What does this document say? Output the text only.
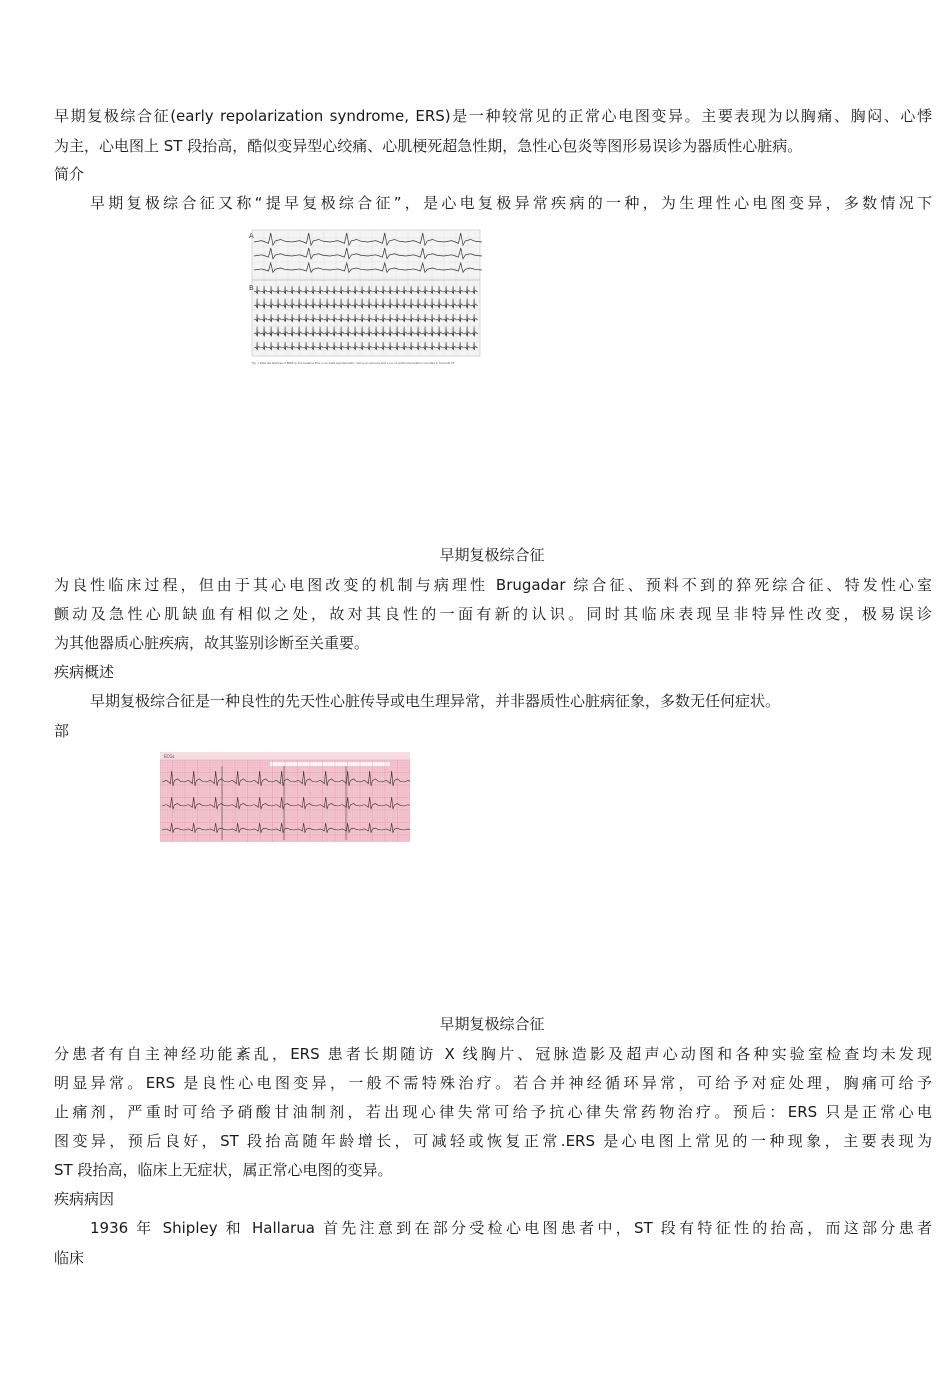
早期复极综合征(early repolarization syndrome, ERS)是一种较常见的正常心电图变异。主要表现为以胸痛、胸闷、心悸
为主，心电图上 ST 段抬高，酷似变异型心绞痛、心肌梗死超急性期，急性心包炎等图形易误诊为器质性心脏病。
简介
早期复极综合征又称“提早复极综合征”，是心电复极异常疾病的一种，为生理性心电图变异，多数情况下
A
B
Fig. 1 Note the features of ERPP on the baseline ECG in an adult asymptomatic; during an exercise test a run of ventricular beats is recorded in Traverde VF.
早期复极综合征
为良性临床过程，但由于其心电图改变的机制与病理性 Brugadar 综合征、预料不到的猝死综合征、特发性心室
颤动及急性心肌缺血有相似之处，故对其良性的一面有新的认识。同时其临床表现呈非特异性改变，极易误诊
为其他器质心脏疾病，故其鉴别诊断至关重要。
疾病概述
早期复极综合征是一种良性的先天性心脏传导或电生理异常，并非器质性心脏病征象，多数无任何症状。
部
ECGs
早期复极综合征
分患者有自主神经功能紊乱，ERS 患者长期随访 X 线胸片、冠脉造影及超声心动图和各种实验室检查均未发现
明显异常。ERS 是良性心电图变异，一般不需特殊治疗。若合并神经循环异常，可给予对症处理，胸痛可给予
止痛剂，严重时可给予硝酸甘油制剂，若出现心律失常可给予抗心律失常药物治疗。预后：ERS 只是正常心电
图变异，预后良好，ST 段抬高随年龄增长，可减轻或恢复正常.ERS 是心电图上常见的一种现象，主要表现为
ST 段抬高，临床上无症状，属正常心电图的变异。
疾病病因
1936 年 Shipley 和 Hallarua 首先注意到在部分受检心电图患者中，ST 段有特征性的抬高，而这部分患者
临床
